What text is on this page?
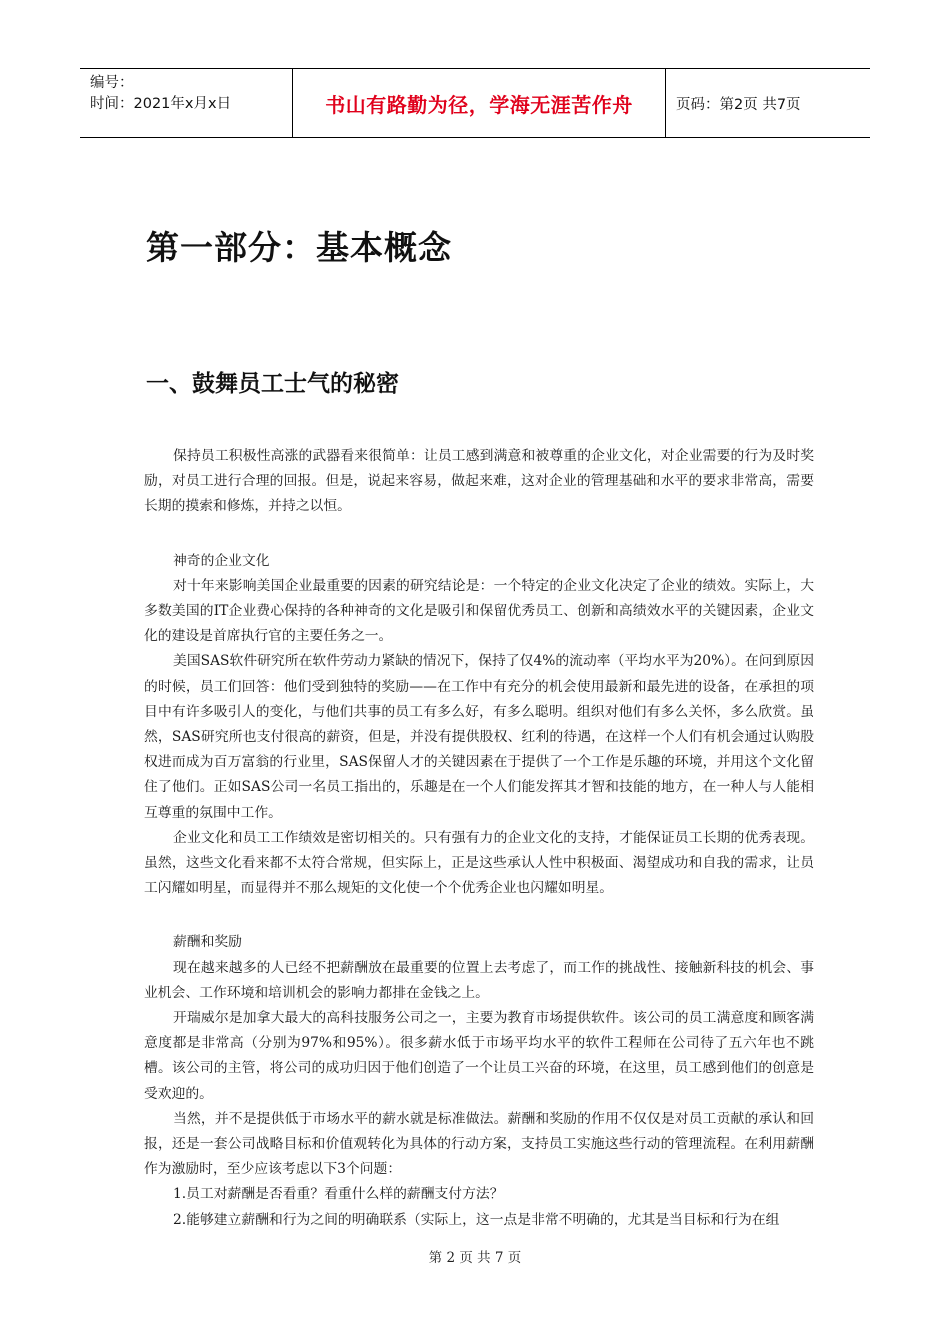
编号：
时间：2021年x月x日	书山有路勤为径，学海无涯苦作舟	页码：第2页 共7页
第一部分：基本概念
一、鼓舞员工士气的秘密

保持员工积极性高涨的武器看来很简单：让员工感到满意和被尊重的企业文化，对企业需要的行为及时奖励，对员工进行合理的回报。但是，说起来容易，做起来难，这对企业的管理基础和水平的要求非常高，需要长期的摸索和修炼，并持之以恒。

神奇的企业文化

对十年来影响美国企业最重要的因素的研究结论是：一个特定的企业文化决定了企业的绩效。实际上，大多数美国的IT企业费心保持的各种神奇的文化是吸引和保留优秀员工、创新和高绩效水平的关键因素，企业文化的建设是首席执行官的主要任务之一。

美国SAS软件研究所在软件劳动力紧缺的情况下，保持了仅4%的流动率（平均水平为20%）。在问到原因的时候，员工们回答：他们受到独特的奖励——在工作中有充分的机会使用最新和最先进的设备，在承担的项目中有许多吸引人的变化，与他们共事的员工有多么好，有多么聪明。组织对他们有多么关怀，多么欣赏。虽然，SAS研究所也支付很高的薪资，但是，并没有提供股权、红利的待遇，在这样一个人们有机会通过认购股权进而成为百万富翁的行业里，SAS保留人才的关键因素在于提供了一个工作是乐趣的环境，并用这个文化留住了他们。正如SAS公司一名员工指出的，乐趣是在一个人们能发挥其才智和技能的地方，在一种人与人能相互尊重的氛围中工作。

企业文化和员工工作绩效是密切相关的。只有强有力的企业文化的支持，才能保证员工长期的优秀表现。虽然，这些文化看来都不太符合常规，但实际上，正是这些承认人性中积极面、渴望成功和自我的需求，让员工闪耀如明星，而显得并不那么规矩的文化使一个个优秀企业也闪耀如明星。

薪酬和奖励

现在越来越多的人已经不把薪酬放在最重要的位置上去考虑了，而工作的挑战性、接触新科技的机会、事业机会、工作环境和培训机会的影响力都排在金钱之上。

开瑞威尔是加拿大最大的高科技服务公司之一，主要为教育市场提供软件。该公司的员工满意度和顾客满意度都是非常高（分别为97%和95%）。很多薪水低于市场平均水平的软件工程师在公司待了五六年也不跳槽。该公司的主管，将公司的成功归因于他们创造了一个让员工兴奋的环境，在这里，员工感到他们的创意是受欢迎的。

当然，并不是提供低于市场水平的薪水就是标准做法。薪酬和奖励的作用不仅仅是对员工贡献的承认和回报，还是一套公司战略目标和价值观转化为具体的行动方案，支持员工实施这些行动的管理流程。在利用薪酬作为激励时，至少应该考虑以下3个问题：

1.员工对薪酬是否看重？看重什么样的薪酬支付方法？

2.能够建立薪酬和行为之间的明确联系（实际上，这一点是非常不明确的，尤其是当目标和行为在组

第 2 页 共 7 页
